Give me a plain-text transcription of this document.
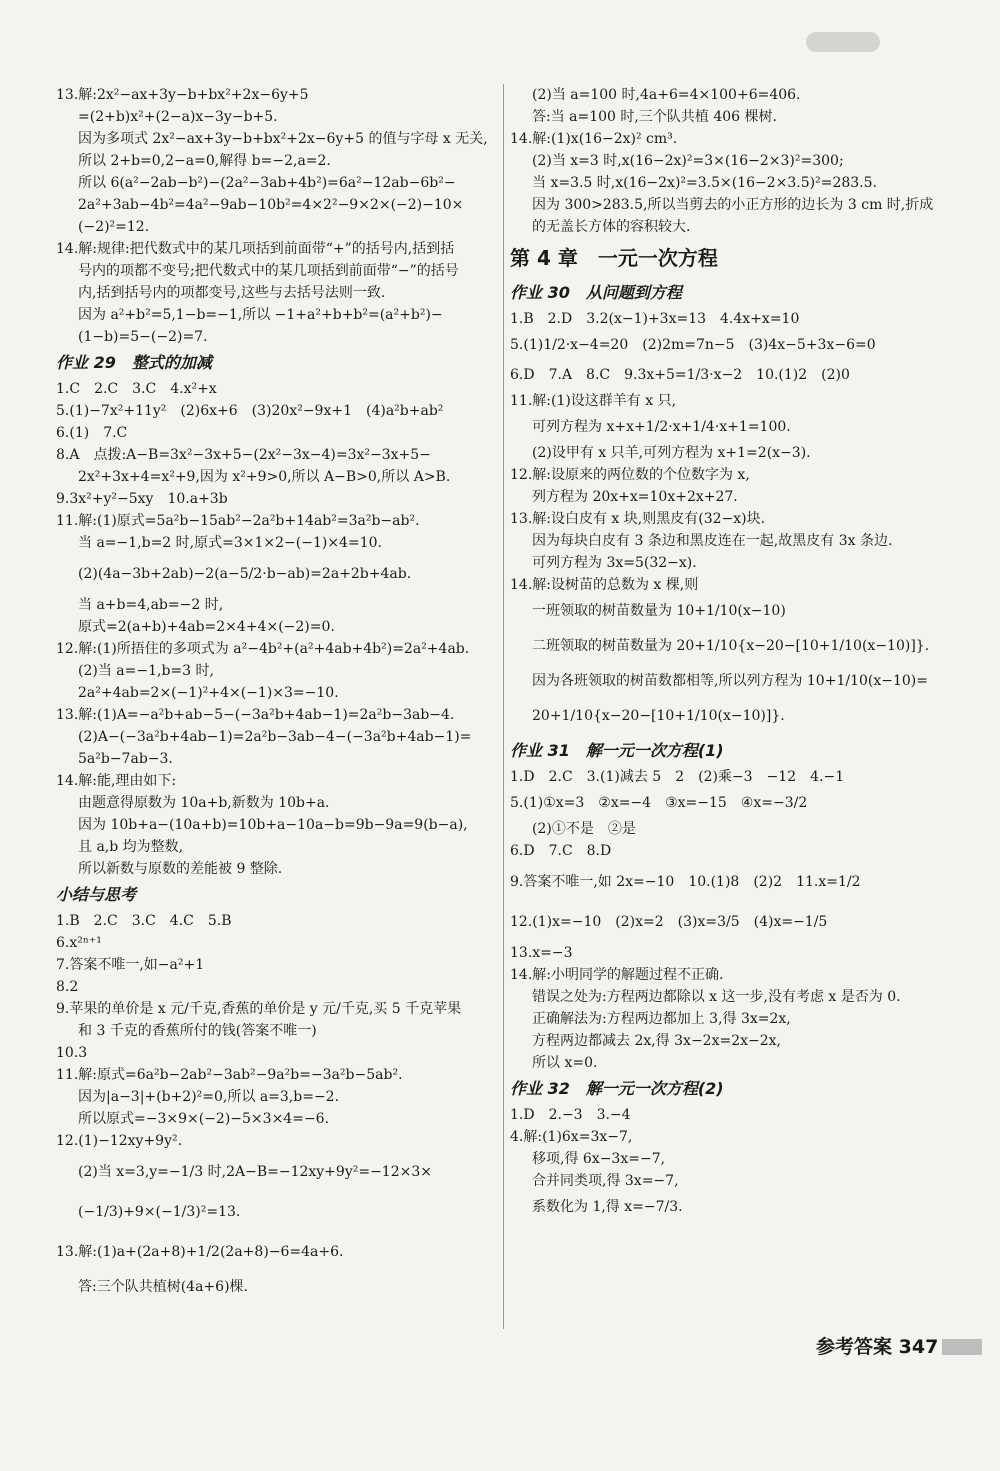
13.解:2x²−ax+3y−b+bx²+2x−6y+5
=(2+b)x²+(2−a)x−3y−b+5.
因为多项式 2x²−ax+3y−b+bx²+2x−6y+5 的值与字母 x 无关,
所以 2+b=0,2−a=0,解得 b=−2,a=2.
所以 6(a²−2ab−b²)−(2a²−3ab+4b²)=6a²−12ab−6b²−
2a²+3ab−4b²=4a²−9ab−10b²=4×2²−9×2×(−2)−10×
(−2)²=12.
14.解:规律:把代数式中的某几项括到前面带“+”的括号内,括到括
号内的项都不变号;把代数式中的某几项括到前面带“−”的括号
内,括到括号内的项都变号,这些与去括号法则一致.
因为 a²+b²=5,1−b=−1,所以 −1+a²+b+b²=(a²+b²)−
(1−b)=5−(−2)=7.
作业 29　整式的加减
1.C　2.C　3.C　4.x²+x
5.(1)−7x²+11y²　(2)6x+6　(3)20x²−9x+1　(4)a²b+ab²
6.(1)　7.C
8.A　点拨:A−B=3x²−3x+5−(2x²−3x−4)=3x²−3x+5−
2x²+3x+4=x²+9,因为 x²+9>0,所以 A−B>0,所以 A>B.
9.3x²+y²−5xy　10.a+3b
11.解:(1)原式=5a²b−15ab²−2a²b+14ab²=3a²b−ab².
当 a=−1,b=2 时,原式=3×1×2−(−1)×4=10.
(2)(4a−3b+2ab)−2(a−5/2·b−ab)=2a+2b+4ab.
当 a+b=4,ab=−2 时,
原式=2(a+b)+4ab=2×4+4×(−2)=0.
12.解:(1)所捂住的多项式为 a²−4b²+(a²+4ab+4b²)=2a²+4ab.
(2)当 a=−1,b=3 时,
2a²+4ab=2×(−1)²+4×(−1)×3=−10.
13.解:(1)A=−a²b+ab−5−(−3a²b+4ab−1)=2a²b−3ab−4.
(2)A−(−3a²b+4ab−1)=2a²b−3ab−4−(−3a²b+4ab−1)=
5a²b−7ab−3.
14.解:能,理由如下:
由题意得原数为 10a+b,新数为 10b+a.
因为 10b+a−(10a+b)=10b+a−10a−b=9b−9a=9(b−a),
且 a,b 均为整数,
所以新数与原数的差能被 9 整除.
小结与思考
1.B　2.C　3.C　4.C　5.B
6.x²ⁿ⁺¹
7.答案不唯一,如−a²+1
8.2
9.苹果的单价是 x 元/千克,香蕉的单价是 y 元/千克,买 5 千克苹果
和 3 千克的香蕉所付的钱(答案不唯一)
10.3
11.解:原式=6a²b−2ab²−3ab²−9a²b=−3a²b−5ab².
因为|a−3|+(b+2)²=0,所以 a=3,b=−2.
所以原式=−3×9×(−2)−5×3×4=−6.
12.(1)−12xy+9y².
(2)当 x=3,y=−1/3 时,2A−B=−12xy+9y²=−12×3×
(−1/3)+9×(−1/3)²=13.
13.解:(1)a+(2a+8)+1/2(2a+8)−6=4a+6.
答:三个队共植树(4a+6)棵.
(2)当 a=100 时,4a+6=4×100+6=406.
答:当 a=100 时,三个队共植 406 棵树.
14.解:(1)x(16−2x)² cm³.
(2)当 x=3 时,x(16−2x)²=3×(16−2×3)²=300;
当 x=3.5 时,x(16−2x)²=3.5×(16−2×3.5)²=283.5.
因为 300>283.5,所以当剪去的小正方形的边长为 3 cm 时,折成
的无盖长方体的容积较大.
第 4 章　一元一次方程
作业 30　从问题到方程
1.B　2.D　3.2(x−1)+3x=13　4.4x+x=10
5.(1)1/2·x−4=20　(2)2m=7n−5　(3)4x−5+3x−6=0
6.D　7.A　8.C　9.3x+5=1/3·x−2　10.(1)2　(2)0
11.解:(1)设这群羊有 x 只,
可列方程为 x+x+1/2·x+1/4·x+1=100.
(2)设甲有 x 只羊,可列方程为 x+1=2(x−3).
12.解:设原来的两位数的个位数字为 x,
列方程为 20x+x=10x+2x+27.
13.解:设白皮有 x 块,则黑皮有(32−x)块.
因为每块白皮有 3 条边和黑皮连在一起,故黑皮有 3x 条边.
可列方程为 3x=5(32−x).
14.解:设树苗的总数为 x 棵,则
一班领取的树苗数量为 10+1/10(x−10)
二班领取的树苗数量为 20+1/10{x−20−[10+1/10(x−10)]}.
因为各班领取的树苗数都相等,所以列方程为 10+1/10(x−10)=
20+1/10{x−20−[10+1/10(x−10)]}.
作业 31　解一元一次方程(1)
1.D　2.C　3.(1)减去 5　2　(2)乘−3　−12　4.−1
5.(1)①x=3　②x=−4　③x=−15　④x=−3/2
(2)①不是　②是
6.D　7.C　8.D
9.答案不唯一,如 2x=−10　10.(1)8　(2)2　11.x=1/2
12.(1)x=−10　(2)x=2　(3)x=3/5　(4)x=−1/5
13.x=−3
14.解:小明同学的解题过程不正确.
错误之处为:方程两边都除以 x 这一步,没有考虑 x 是否为 0.
正确解法为:方程两边都加上 3,得 3x=2x,
方程两边都减去 2x,得 3x−2x=2x−2x,
所以 x=0.
作业 32　解一元一次方程(2)
1.D　2.−3　3.−4
4.解:(1)6x=3x−7,
移项,得 6x−3x=−7,
合并同类项,得 3x=−7,
系数化为 1,得 x=−7/3.
参考答案 347
